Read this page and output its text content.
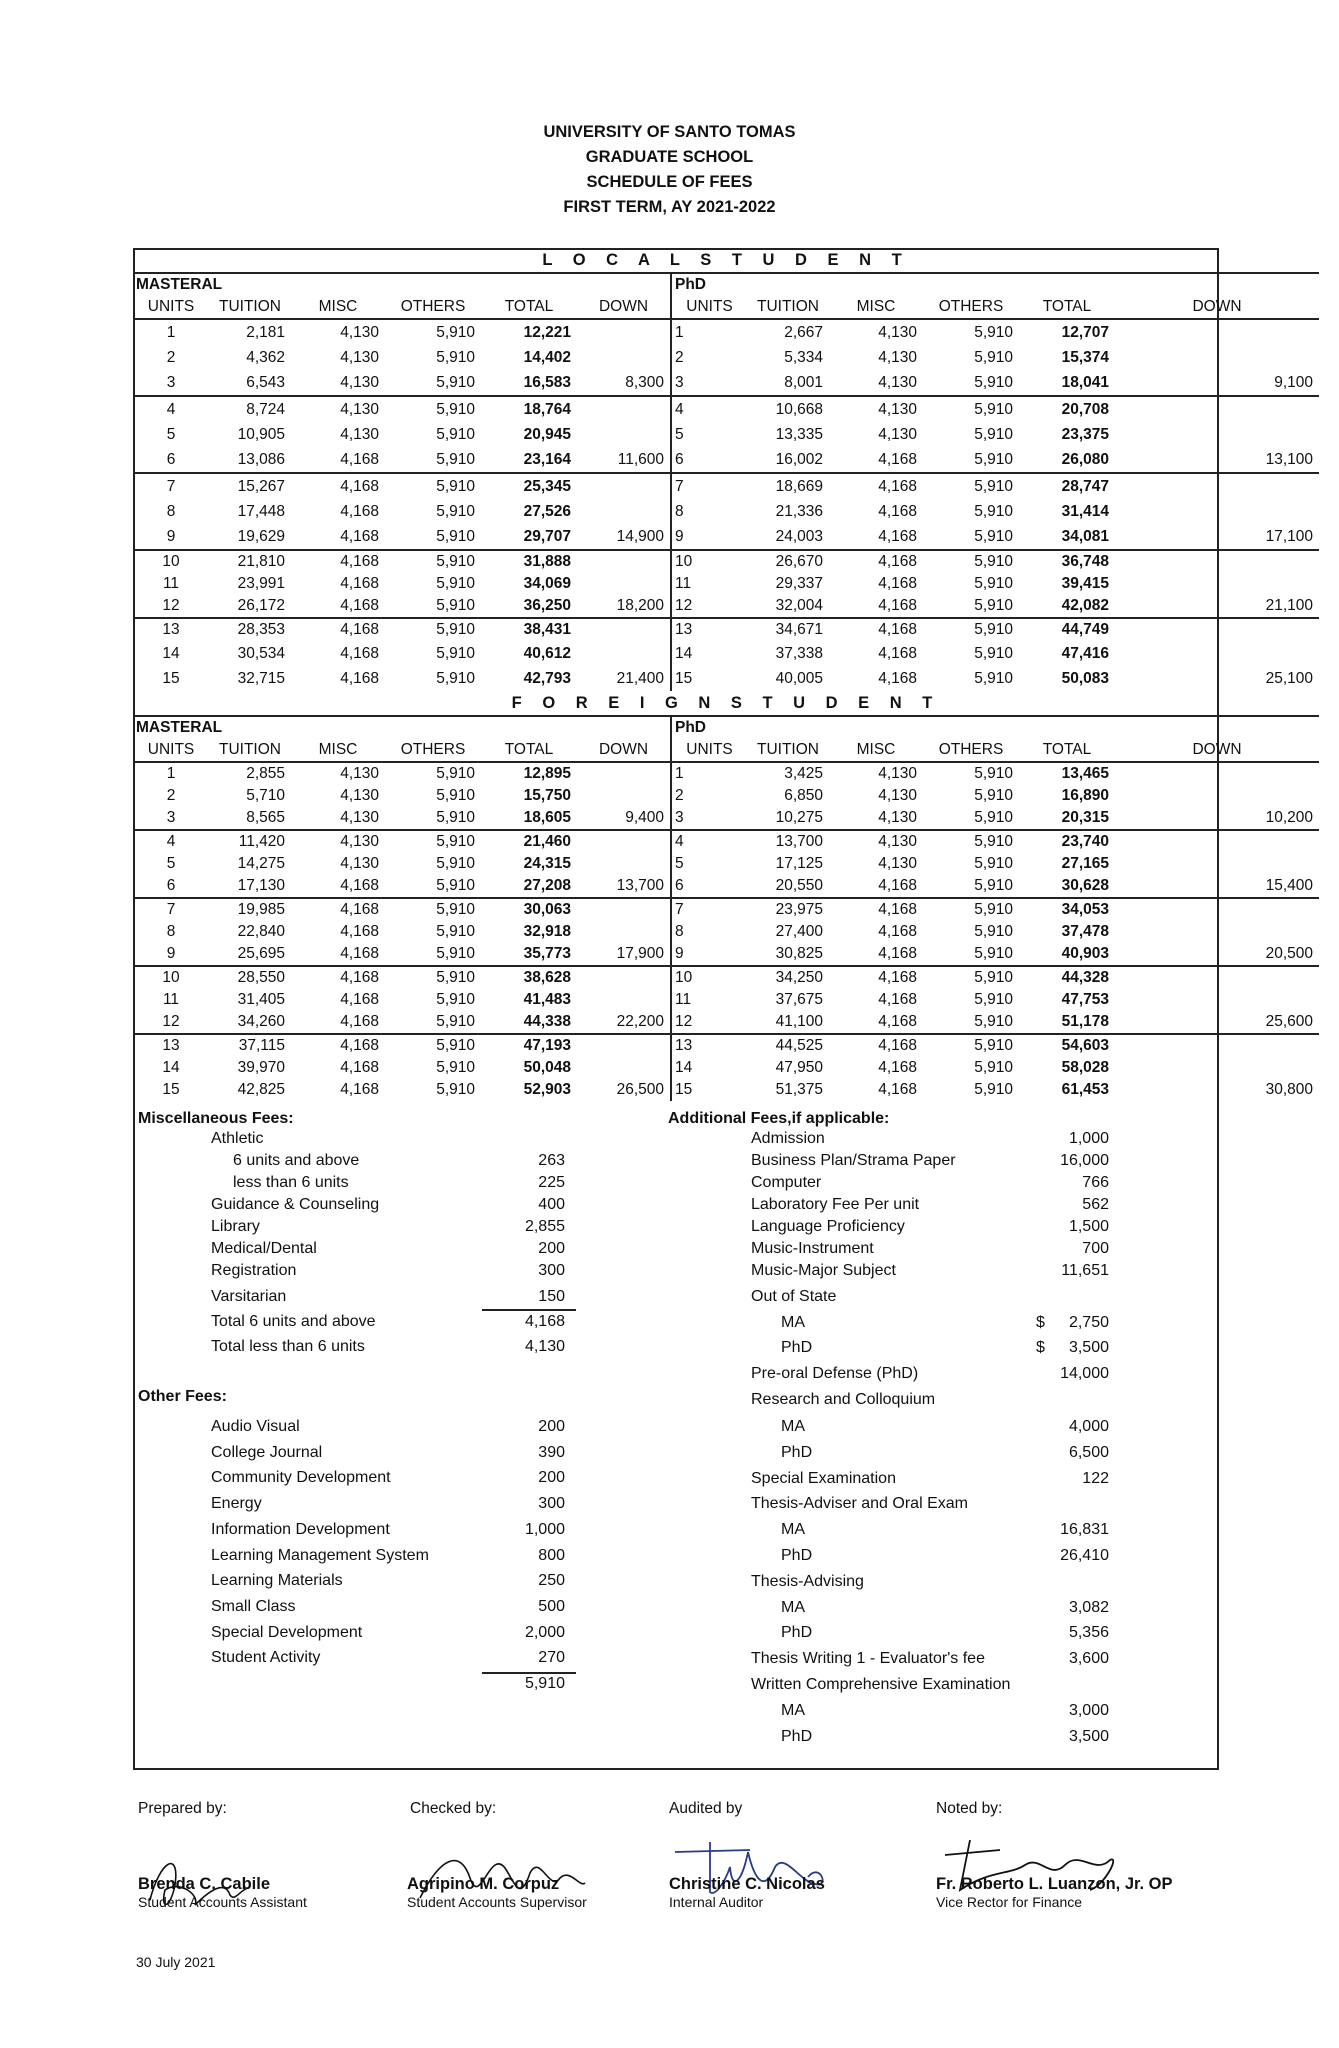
UNIVERSITY OF SANTO TOMAS
GRADUATE SCHOOL
SCHEDULE OF FEES
FIRST TERM, AY 2021-2022
L O C A L S T U D E N T											
MASTERAL						PhD					
UNITS	TUITION	MISC	OTHERS	TOTAL	DOWN	UNITS	TUITION	MISC	OTHERS	TOTAL	DOWN
1	2,181	4,130	5,910	12,221		1	2,667	4,130	5,910	12,707	
2	4,362	4,130	5,910	14,402		2	5,334	4,130	5,910	15,374	
3	6,543	4,130	5,910	16,583	8,300	3	8,001	4,130	5,910	18,041	9,100
4	8,724	4,130	5,910	18,764		4	10,668	4,130	5,910	20,708	
5	10,905	4,130	5,910	20,945		5	13,335	4,130	5,910	23,375	
6	13,086	4,168	5,910	23,164	11,600	6	16,002	4,168	5,910	26,080	13,100
7	15,267	4,168	5,910	25,345		7	18,669	4,168	5,910	28,747	
8	17,448	4,168	5,910	27,526		8	21,336	4,168	5,910	31,414	
9	19,629	4,168	5,910	29,707	14,900	9	24,003	4,168	5,910	34,081	17,100
10	21,810	4,168	5,910	31,888		10	26,670	4,168	5,910	36,748	
11	23,991	4,168	5,910	34,069		11	29,337	4,168	5,910	39,415	
12	26,172	4,168	5,910	36,250	18,200	12	32,004	4,168	5,910	42,082	21,100
13	28,353	4,168	5,910	38,431		13	34,671	4,168	5,910	44,749	
14	30,534	4,168	5,910	40,612		14	37,338	4,168	5,910	47,416	
15	32,715	4,168	5,910	42,793	21,400	15	40,005	4,168	5,910	50,083	25,100
F O R E I G N S T U D E N T											
MASTERAL						PhD					
UNITS	TUITION	MISC	OTHERS	TOTAL	DOWN	UNITS	TUITION	MISC	OTHERS	TOTAL	DOWN
1	2,855	4,130	5,910	12,895		1	3,425	4,130	5,910	13,465	
2	5,710	4,130	5,910	15,750		2	6,850	4,130	5,910	16,890	
3	8,565	4,130	5,910	18,605	9,400	3	10,275	4,130	5,910	20,315	10,200
4	11,420	4,130	5,910	21,460		4	13,700	4,130	5,910	23,740	
5	14,275	4,130	5,910	24,315		5	17,125	4,130	5,910	27,165	
6	17,130	4,168	5,910	27,208	13,700	6	20,550	4,168	5,910	30,628	15,400
7	19,985	4,168	5,910	30,063		7	23,975	4,168	5,910	34,053	
8	22,840	4,168	5,910	32,918		8	27,400	4,168	5,910	37,478	
9	25,695	4,168	5,910	35,773	17,900	9	30,825	4,168	5,910	40,903	20,500
10	28,550	4,168	5,910	38,628		10	34,250	4,168	5,910	44,328	
11	31,405	4,168	5,910	41,483		11	37,675	4,168	5,910	47,753	
12	34,260	4,168	5,910	44,338	22,200	12	41,100	4,168	5,910	51,178	25,600
13	37,115	4,168	5,910	47,193		13	44,525	4,168	5,910	54,603	
14	39,970	4,168	5,910	50,048		14	47,950	4,168	5,910	58,028	
15	42,825	4,168	5,910	52,903	26,500	15	51,375	4,168	5,910	61,453	30,800
Miscellaneous Fees:
Athletic
6 units and above	263
less than 6 units	225
Guidance & Counseling	400
Library	2,855
Medical/Dental	200
Registration	300
Varsitarian	150
Total 6 units and above	4,168
Total less than 6 units	4,130
Other Fees:
Audio Visual	200
College Journal	390
Community Development	200
Energy	300
Information Development	1,000
Learning Management System	800
Learning Materials	250
Small Class	500
Special Development	2,000
Student Activity	270
5,910
Additional Fees,if applicable:
Admission	1,000
Business Plan/Strama Paper	16,000
Computer	766
Laboratory Fee Per unit	562
Language Proficiency	1,500
Music-Instrument	700
Music-Major Subject	11,651
Out of State
MA	2,750
$
PhD	3,500
$
Pre-oral Defense (PhD)	14,000
Research and Colloquium
MA	4,000
PhD	6,500
Special Examination	122
Thesis-Adviser and Oral Exam
MA	16,831
PhD	26,410
Thesis-Advising
MA	3,082
PhD	5,356
Thesis Writing 1 - Evaluator's fee	3,600
Written Comprehensive Examination
MA	3,000
PhD	3,500
Prepared by:	Checked by:	Audited by	Noted by:
Brenda C. Cabile
Student Accounts Assistant
Agripino M. Corpuz
Student Accounts Supervisor
Christine C. Nicolas
Internal Auditor
Fr. Roberto L. Luanzon, Jr. OP
Vice Rector for Finance
30 July 2021
